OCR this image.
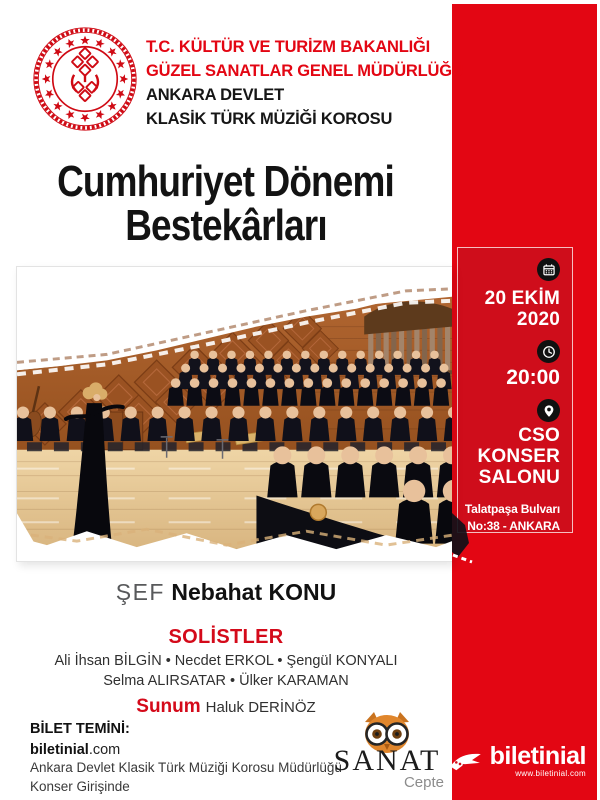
20 EKİM
2020
20:00
CSO
KONSER
SALONU
Talatpaşa Bulvarı
No:38 - ANKARA
biletinial
www.biletinial.com
T.C. KÜLTÜR VE TURİZM BAKANLIĞI
GÜZEL SANATLAR GENEL MÜDÜRLÜĞÜ
ANKARA DEVLET
KLASİK TÜRK MÜZİĞİ KOROSU
Cumhuriyet Dönemi
Bestekârları
ŞEF Nebahat KONU
SOLİSTLER
Ali İhsan BİLGİN • Necdet ERKOL • Şengül KONYALI
Selma ALIRSATAR • Ülker KARAMAN
Sunum Haluk DERİNÖZ
BİLET TEMİNİ:
biletinial.com
Ankara Devlet Klasik Türk Müziği Korosu Müdürlüğü
Konser Girişinde
SANAT
Cepte
